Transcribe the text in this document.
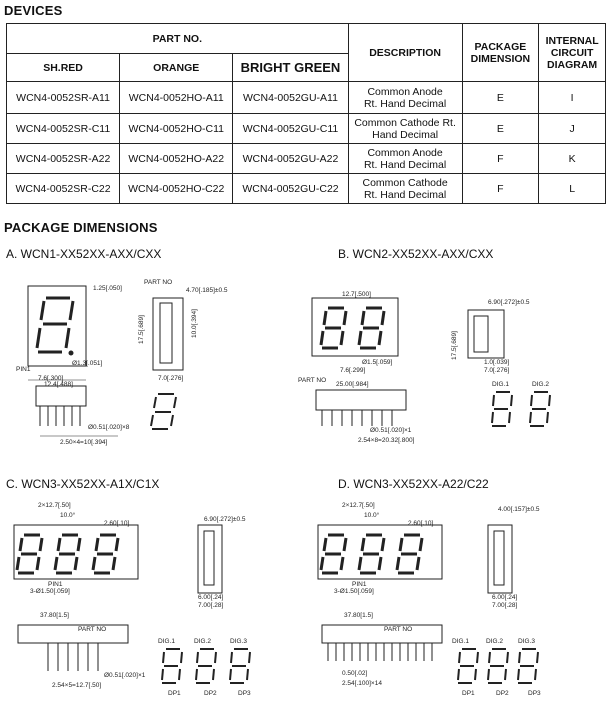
DEVICES
PART NO.			DESCRIPTION	PACKAGE
DIMENSION	INTERNAL
CIRCUIT
DIAGRAM
SH.RED	ORANGE	BRIGHT GREEN			
WCN4-0052SR-A11	WCN4-0052HO-A11	WCN4-0052GU-A11	Common Anode
Rt. Hand Decimal	E	I
WCN4-0052SR-C11	WCN4-0052HO-C11	WCN4-0052GU-C11	Common Cathode Rt.
Hand Decimal	E	J
WCN4-0052SR-A22	WCN4-0052HO-A22	WCN4-0052GU-A22	Common Anode
Rt. Hand Decimal	F	K
WCN4-0052SR-C22	WCN4-0052HO-C22	WCN4-0052GU-C22	Common Cathode
Rt. Hand Decimal	F	L
PACKAGE DIMENSIONS
A. WCN1-XX52XX-AXX/CXX	B. WCN2-XX52XX-AXX/CXX
C. WCN3-XX52XX-A1X/C1X	D. WCN3-XX52XX-A22/C22
1.25[.050]	4.70[.185]±0.5
7.6[.300]
12.4[.488]
7.0[.276]
Ø0.51[.020]×8
2.50×4=10[.394]
Ø1.3[.051]
17.5[.689]	10.0[.394]
PART NO
PIN1
12.7[.500]
6.90[.272]±0.5
17.5[.689]
Ø1.5[.059]
7.6[.299]
1.0[.039]
7.0[.276]
25.00[.984]
Ø0.51[.020]×1
2.54×8=20.32[.800]
DIG.1	DIG.2
PART NO
2×12.7[.50]
10.0°
2.60[.10]
6.90[.272]±0.5
3-Ø1.50[.059]
6.00[.24]
7.00[.28]
37.80[1.5]
Ø0.51[.020]×1
2.54×5=12.7[.50]
PART NO
PIN1
DIG.1	DIG.2	DIG.3
DP1	DP2	DP3
2×12.7[.50]
10.0°
2.60[.10]
4.00[.157]±0.5
3-Ø1.50[.059]
6.00[.24]
7.00[.28]
37.80[1.5]
0.50[.02]
2.54[.100]×14
PART NO
PIN1
DIG.1	DIG.2 DIG.3
DP1	DP2	DP3
